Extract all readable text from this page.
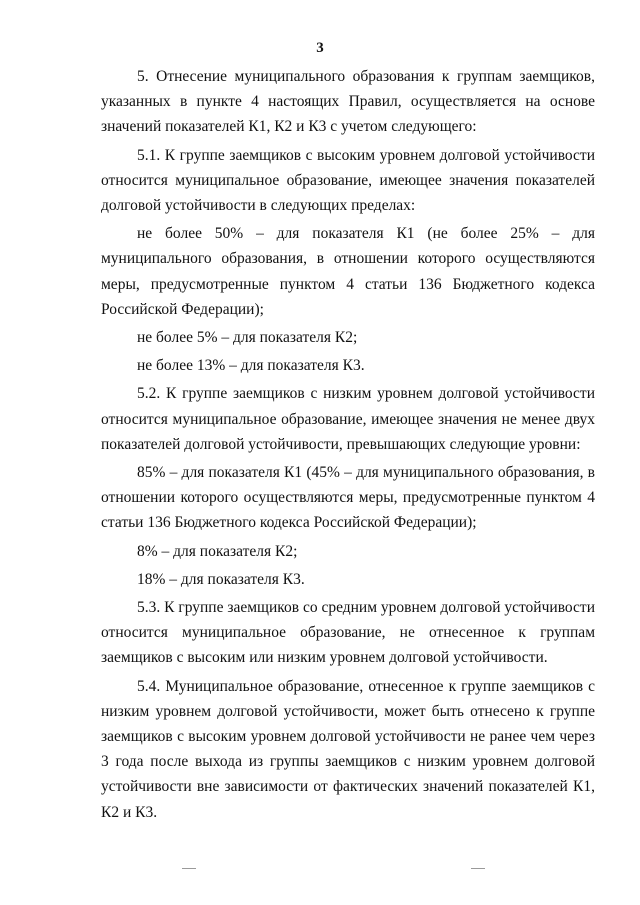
3

5. Отнесение муниципального образования к группам заемщиков, указанных в пункте 4 настоящих Правил, осуществляется на основе значений показателей К1, К2 и К3 с учетом следующего:

5.1. К группе заемщиков с высоким уровнем долговой устойчивости относится муниципальное образование, имеющее значения показателей долговой устойчивости в следующих пределах:

не более 50% – для показателя К1 (не более 25% – для муниципального образования, в отношении которого осуществляются меры, предусмотренные пунктом 4 статьи 136 Бюджетного кодекса Российской Федерации);

не более 5% – для показателя К2;

не более 13% – для показателя К3.

5.2. К группе заемщиков с низким уровнем долговой устойчивости относится муниципальное образование, имеющее значения не менее двух показателей долговой устойчивости, превышающих следующие уровни:

85% – для показателя К1 (45% – для муниципального образования, в отношении которого осуществляются меры, предусмотренные пунктом 4 статьи 136 Бюджетного кодекса Российской Федерации);

8% – для показателя К2;

18% – для показателя К3.

5.3. К группе заемщиков со средним уровнем долговой устойчивости относится муниципальное образование, не отнесенное к группам заемщиков с высоким или низким уровнем долговой устойчивости.

5.4. Муниципальное образование, отнесенное к группе заемщиков с низким уровнем долговой устойчивости, может быть отнесено к группе заемщиков с высоким уровнем долговой устойчивости не ранее чем через 3 года после выхода из группы заемщиков с низким уровнем долговой устойчивости вне зависимости от фактических значений показателей К1, К2 и К3.
